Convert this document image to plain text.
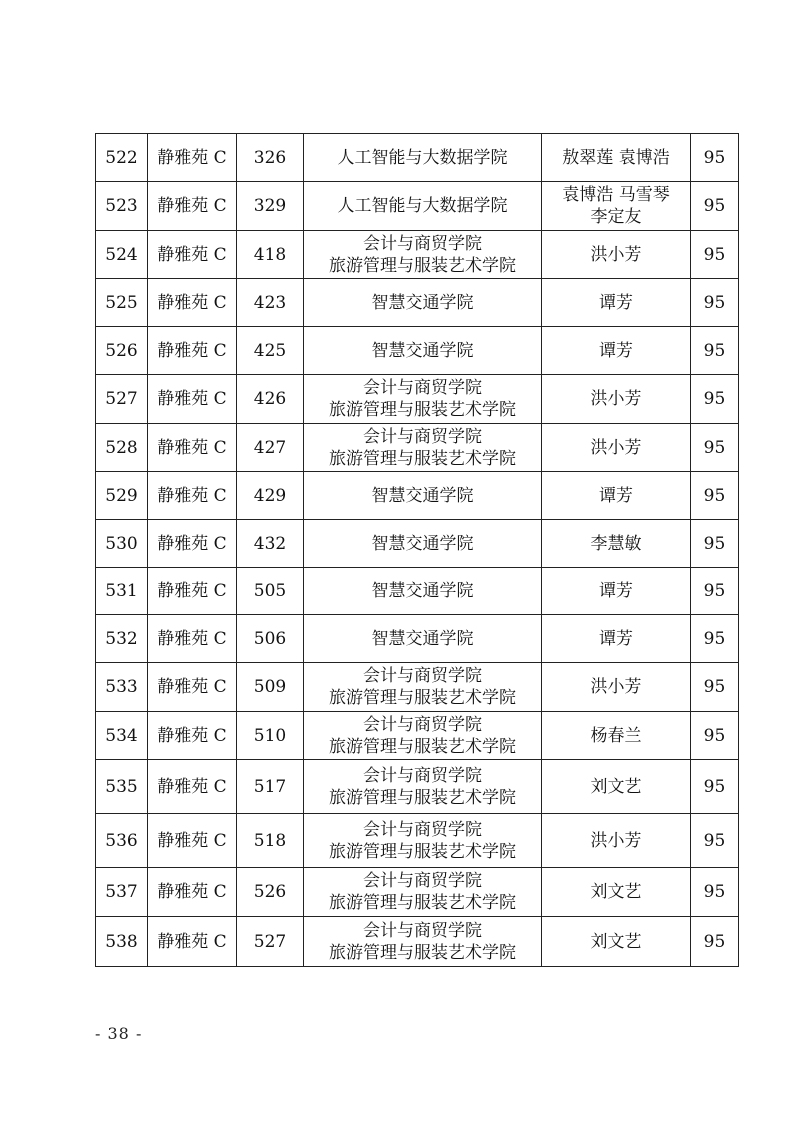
522	静雅苑 C	326	人工智能与大数据学院	敖翠莲 袁博浩	95
523	静雅苑 C	329	人工智能与大数据学院	袁博浩 马雪琴
李定友	95
524	静雅苑 C	418	会计与商贸学院
旅游管理与服装艺术学院	洪小芳	95
525	静雅苑 C	423	智慧交通学院	谭芳	95
526	静雅苑 C	425	智慧交通学院	谭芳	95
527	静雅苑 C	426	会计与商贸学院
旅游管理与服装艺术学院	洪小芳	95
528	静雅苑 C	427	会计与商贸学院
旅游管理与服装艺术学院	洪小芳	95
529	静雅苑 C	429	智慧交通学院	谭芳	95
530	静雅苑 C	432	智慧交通学院	李慧敏	95
531	静雅苑 C	505	智慧交通学院	谭芳	95
532	静雅苑 C	506	智慧交通学院	谭芳	95
533	静雅苑 C	509	会计与商贸学院
旅游管理与服装艺术学院	洪小芳	95
534	静雅苑 C	510	会计与商贸学院
旅游管理与服装艺术学院	杨春兰	95
535	静雅苑 C	517	会计与商贸学院
旅游管理与服装艺术学院	刘文艺	95
536	静雅苑 C	518	会计与商贸学院
旅游管理与服装艺术学院	洪小芳	95
537	静雅苑 C	526	会计与商贸学院
旅游管理与服装艺术学院	刘文艺	95
538	静雅苑 C	527	会计与商贸学院
旅游管理与服装艺术学院	刘文艺	95
- 38 -
